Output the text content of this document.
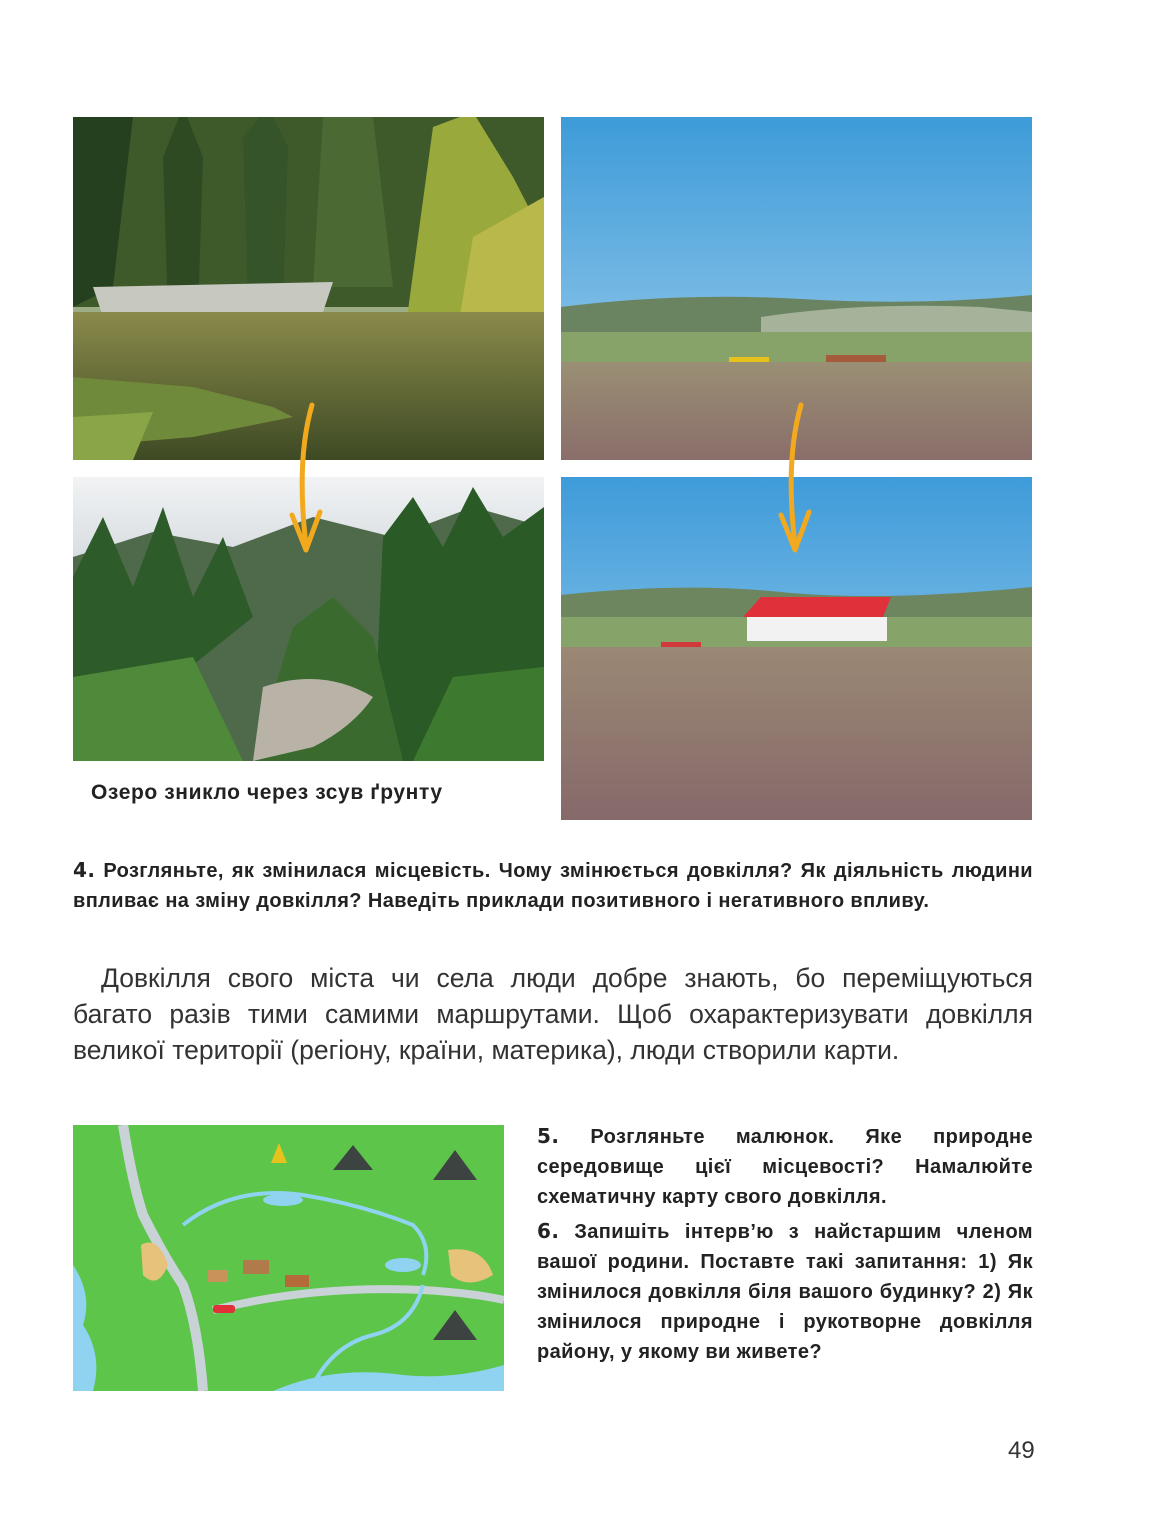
Озеро зникло через зсув ґрунту
4. Розгляньте, як змінилася місцевість. Чому змінюється довкілля? Як діяльність людини впливає на зміну довкілля? Наведіть приклади позитивного і негативного впливу.
Довкілля свого міста чи села люди добре знають, бо переміщуються багато разів тими самими маршрутами. Щоб охарактеризувати довкілля великої території (регіону, країни, материка), люди створили карти.
5. Розгляньте малюнок. Яке природне середовище цієї місцевості? Намалюйте схематичну карту свого довкілля.
6. Запишіть інтерв’ю з найстаршим членом вашої родини. Поставте такі запитання: 1) Як змінилося довкілля біля вашого будинку? 2) Як змінилося природне і рукотворне довкілля району, у якому ви живете?
49
